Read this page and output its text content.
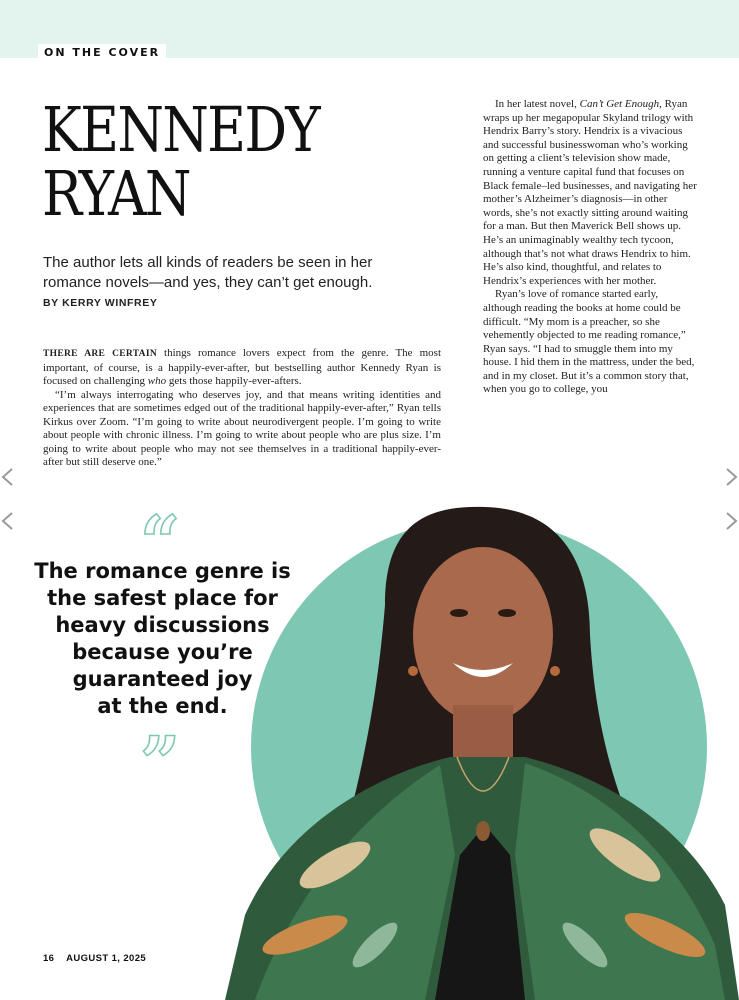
ON THE COVER
KENNEDY
RYAN

The author lets all kinds of readers be seen in her romance novels—and yes, they can’t get enough.

BY KERRY WINFREY

THERE ARE CERTAIN things romance lovers expect from the genre. The most important, of course, is a happily-ever-after, but bestselling author Kennedy Ryan is focused on challenging who gets those happily-ever-afters.

“I’m always interrogating who deserves joy, and that means writing identities and experiences that are sometimes edged out of the traditional happily-ever-after,” Ryan tells Kirkus over Zoom. “I’m going to write about neurodivergent people. I’m going to write about people with chronic illness. I’m going to write about people who are plus size. I’m going to write about people who may not see themselves in a traditional happily-ever-after but still deserve one.”

In her latest novel, Can’t Get Enough, Ryan wraps up her megapopular Skyland trilogy with Hendrix Barry’s story. Hendrix is a vivacious and successful businesswoman who’s working on getting a client’s television show made, running a venture capital fund that focuses on Black female–led businesses, and navigating her mother’s Alzheimer’s diagnosis—in other words, she’s not exactly sitting around waiting for a man. But then Maverick Bell shows up. He’s an unimaginably wealthy tech tycoon, although that’s not what draws Hendrix to him. He’s also kind, thoughtful, and relates to Hendrix’s experiences with her mother.

Ryan’s love of romance started early, although reading the books at home could be difficult. “My mom is a preacher, so she vehemently objected to me reading romance,” Ryan says. “I had to smuggle them into my house. I hid them in the mattress, under the bed, and in my closet. But it’s a common story that, when you go to college, you

“
The romance genre is
the safest place for
heavy discussions
because you’re
guaranteed joy
at the end.
”
16 AUGUST 1, 2025
